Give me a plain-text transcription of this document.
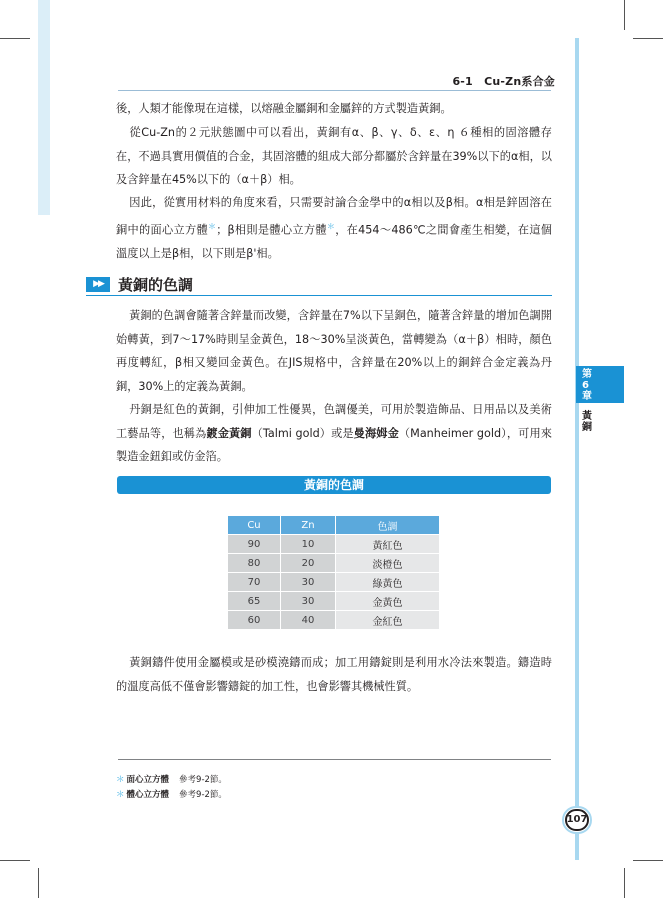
6-1　Cu-Zn系合金

後，人類才能像現在這樣，以熔融金屬銅和金屬鋅的方式製造黃銅。

從Cu-Zn的２元狀態圖中可以看出，黃銅有α、β、γ、δ、ε、η ６種相的固溶體存在，不過具實用價值的合金，其固溶體的組成大部分都屬於含鋅量在39%以下的α相，以及含鋅量在45%以下的（α＋β）相。

因此，從實用材料的角度來看，只需要討論合金學中的α相以及β相。α相是鋅固溶在銅中的面心立方體＊；β相則是體心立方體＊，在454～486℃之間會產生相變，在這個溫度以上是β相，以下則是β'相。

▶▶	黃銅的色調

黃銅的色調會隨著含鋅量而改變，含鋅量在7%以下呈銅色，隨著含鋅量的增加色調開始轉黃，到7～17%時則呈金黃色，18～30%呈淡黃色，當轉變為（α＋β）相時，顏色再度轉紅，β相又變回金黃色。在JIS規格中，含鋅量在20%以上的銅鋅合金定義為丹銅，30%上的定義為黃銅。

丹銅是紅色的黃銅，引伸加工性優異，色調優美，可用於製造飾品、日用品以及美術工藝品等，也稱為鍍金黃銅（Talmi gold）或是曼海姆金（Manheimer gold），可用來製造金鈕釦或仿金箔。

黃銅的色調
Cu	Zn	色調
90	10	黃紅色
80	20	淡橙色
70	30	綠黃色
65	30	金黃色
60	40	金紅色

黃銅鑄件使用金屬模或是砂模澆鑄而成；加工用鑄錠則是利用水冷法來製造。鑄造時的溫度高低不僅會影響鑄錠的加工性，也會影響其機械性質。

第
6
章
黃
銅
＊ 面心立方體 參考9-2節。
＊ 體心立方體 參考9-2節。
107
